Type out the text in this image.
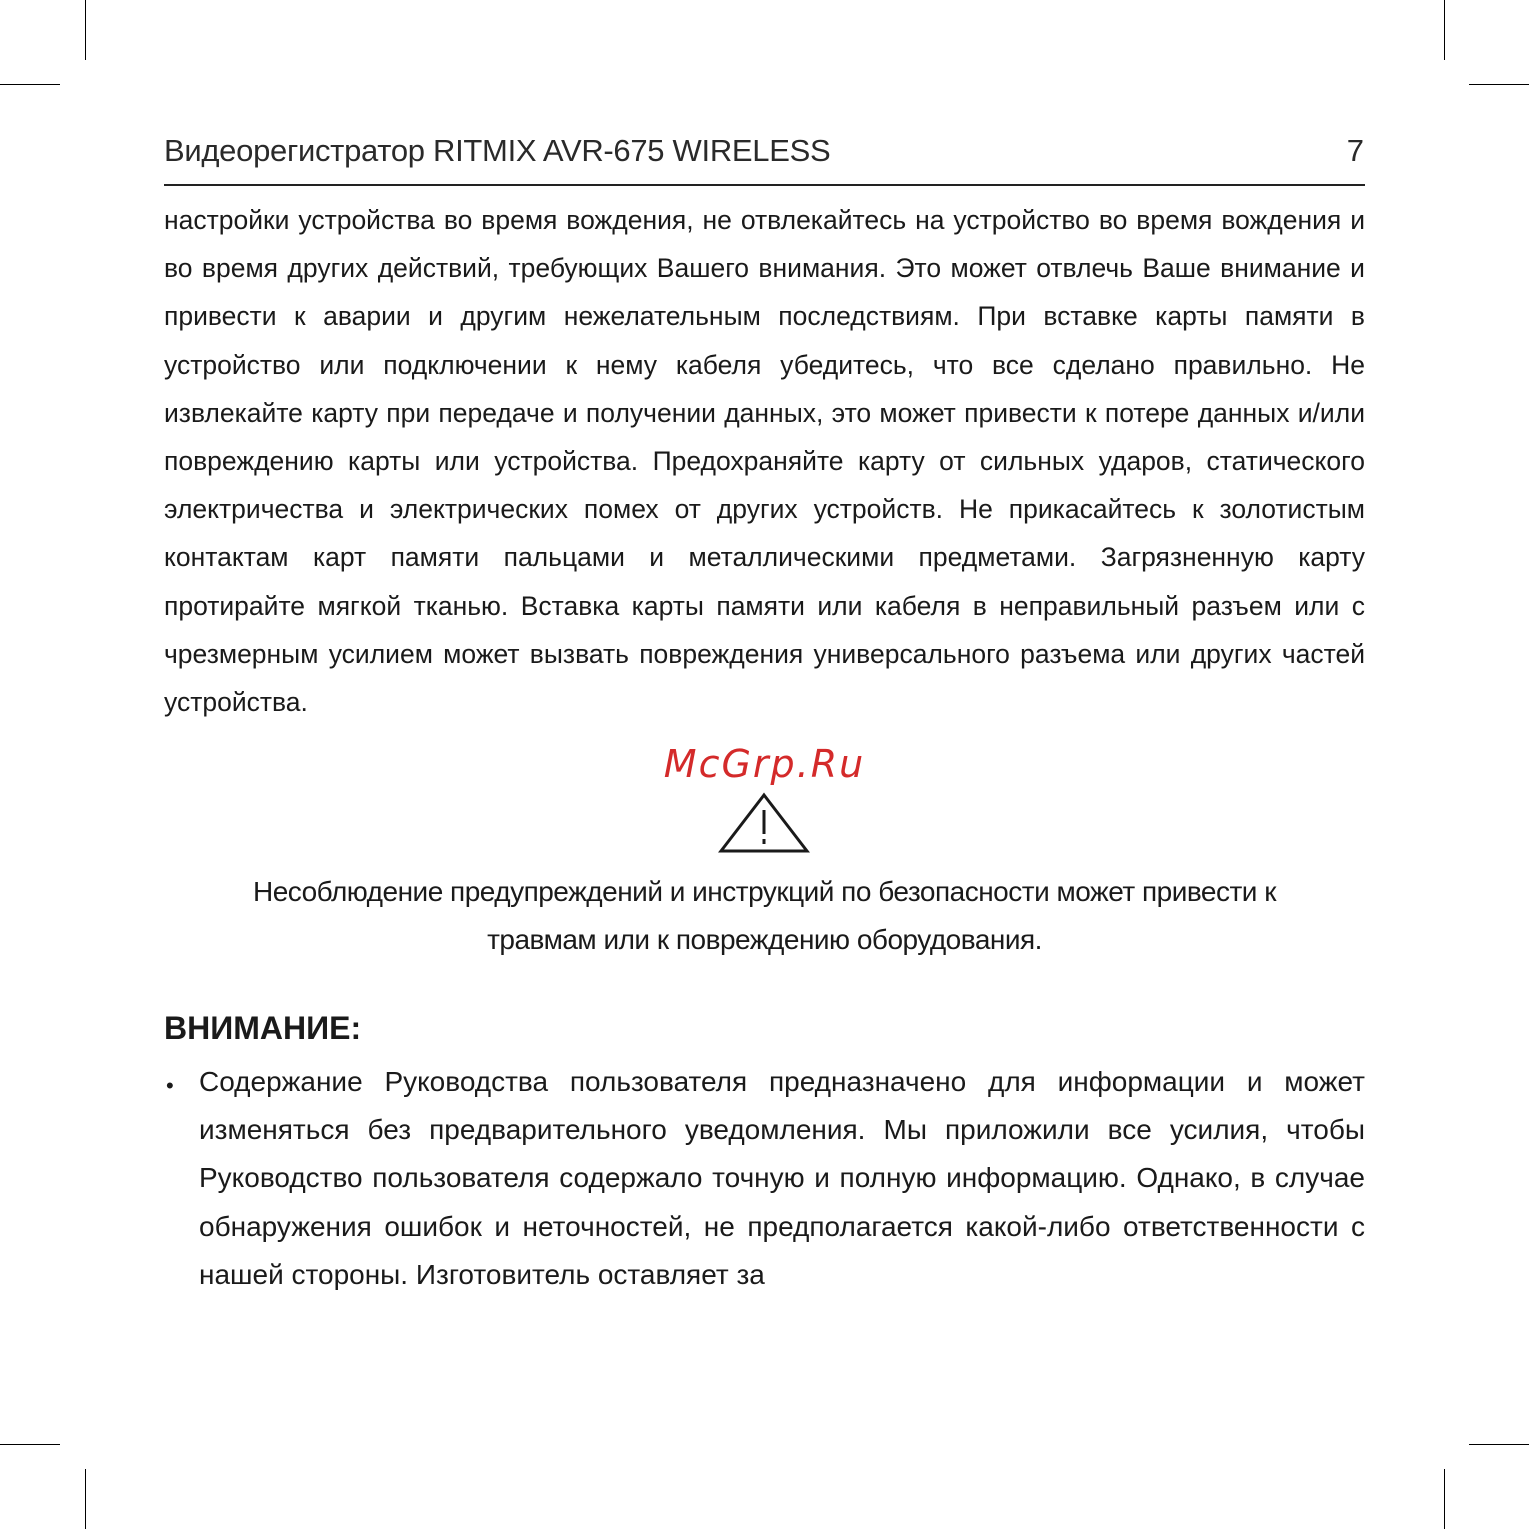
Видеорегистратор RITMIX AVR-675 WIRELESS	7
настройки устройства во время вождения, не отвлекайтесь на устройство во время вождения и во время других действий, требующих Вашего внимания. Это может отвлечь Ваше внимание и привести к аварии и другим нежелательным последствиям. При вставке карты памяти в устройство или подключении к нему кабеля убедитесь, что все сделано правильно. Не извлекайте карту при передаче и получении данных, это может привести к потере данных и/или повреждению карты или устройства. Предохраняйте карту от сильных ударов, статического электричества и электрических помех от других устройств. Не прикасайтесь к золотистым контактам карт памяти пальцами и металлическими предметами. Загрязненную карту протирайте мягкой тканью. Вставка карты памяти или кабеля в неправильный разъем или с чрезмерным усилием может вызвать повреждения универсального разъема или других частей устройства.
McGrp.Ru
Несоблюдение предупреждений и инструкций по безопасности может привести к
травмам или к повреждению оборудования.
ВНИМАНИЕ:
• Содержание Руководства пользователя предназначено для информации и может изменяться без предварительного уведомления. Мы приложили все усилия, чтобы Руководство пользователя содержало точную и полную информацию. Однако, в случае обнаружения ошибок и неточностей, не предполагается какой-либо ответственности с нашей стороны. Изготовитель оставляет за
